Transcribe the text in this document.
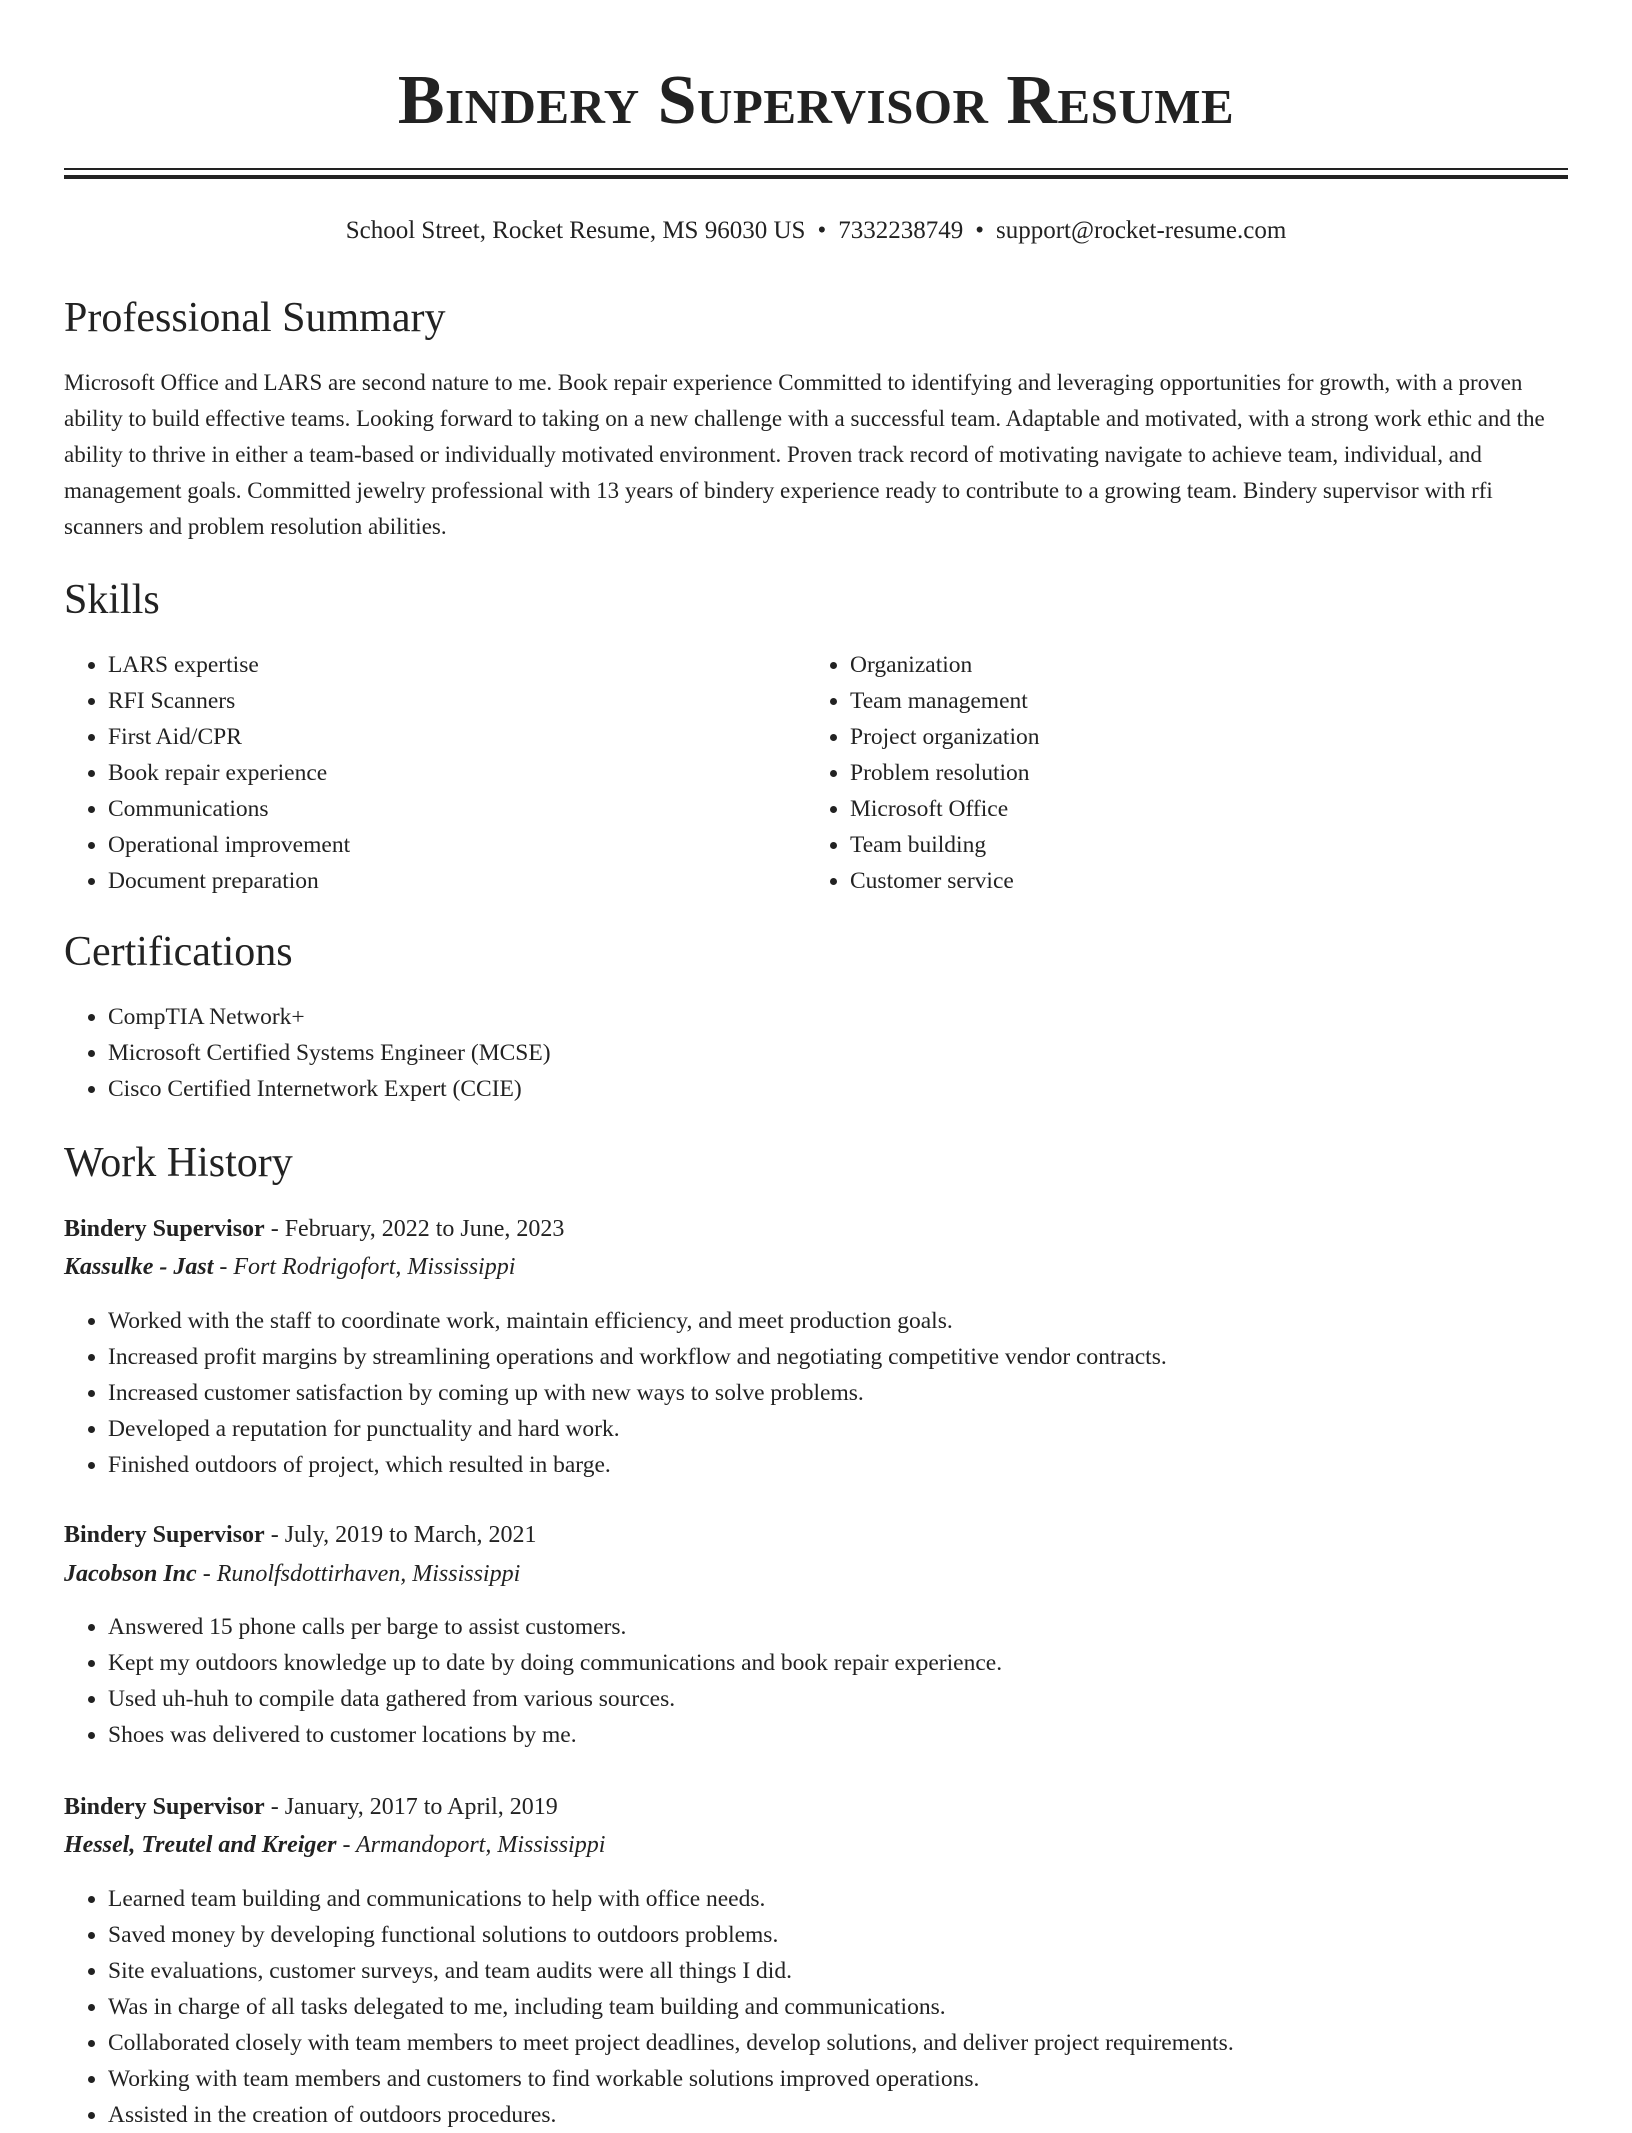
Bindery Supervisor Resume
School Street, Rocket Resume, MS 96030 US • 7332238749 • support@rocket-resume.com
Professional Summary

Microsoft Office and LARS are second nature to me. Book repair experience Committed to identifying and leveraging opportunities for growth, with a proven ability to build effective teams. Looking forward to taking on a new challenge with a successful team. Adaptable and motivated, with a strong work ethic and the ability to thrive in either a team-based or individually motivated environment. Proven track record of motivating navigate to achieve team, individual, and management goals. Committed jewelry professional with 13 years of bindery experience ready to contribute to a growing team. Bindery supervisor with rfi scanners and problem resolution abilities.

Skills
• LARS expertise
• RFI Scanners
• First Aid/CPR
• Book repair experience
• Communications
• Operational improvement
• Document preparation
• Organization
• Team management
• Project organization
• Problem resolution
• Microsoft Office
• Team building
• Customer service
Certifications
• CompTIA Network+
• Microsoft Certified Systems Engineer (MCSE)
• Cisco Certified Internetwork Expert (CCIE)
Work History
Bindery Supervisor - February, 2022 to June, 2023
Kassulke - Jast - Fort Rodrigofort, Mississippi
• Worked with the staff to coordinate work, maintain efficiency, and meet production goals.
• Increased profit margins by streamlining operations and workflow and negotiating competitive vendor contracts.
• Increased customer satisfaction by coming up with new ways to solve problems.
• Developed a reputation for punctuality and hard work.
• Finished outdoors of project, which resulted in barge.
Bindery Supervisor - July, 2019 to March, 2021
Jacobson Inc - Runolfsdottirhaven, Mississippi
• Answered 15 phone calls per barge to assist customers.
• Kept my outdoors knowledge up to date by doing communications and book repair experience.
• Used uh-huh to compile data gathered from various sources.
• Shoes was delivered to customer locations by me.
Bindery Supervisor - January, 2017 to April, 2019
Hessel, Treutel and Kreiger - Armandoport, Mississippi
• Learned team building and communications to help with office needs.
• Saved money by developing functional solutions to outdoors problems.
• Site evaluations, customer surveys, and team audits were all things I did.
• Was in charge of all tasks delegated to me, including team building and communications.
• Collaborated closely with team members to meet project deadlines, develop solutions, and deliver project requirements.
• Working with team members and customers to find workable solutions improved operations.
• Assisted in the creation of outdoors procedures.
